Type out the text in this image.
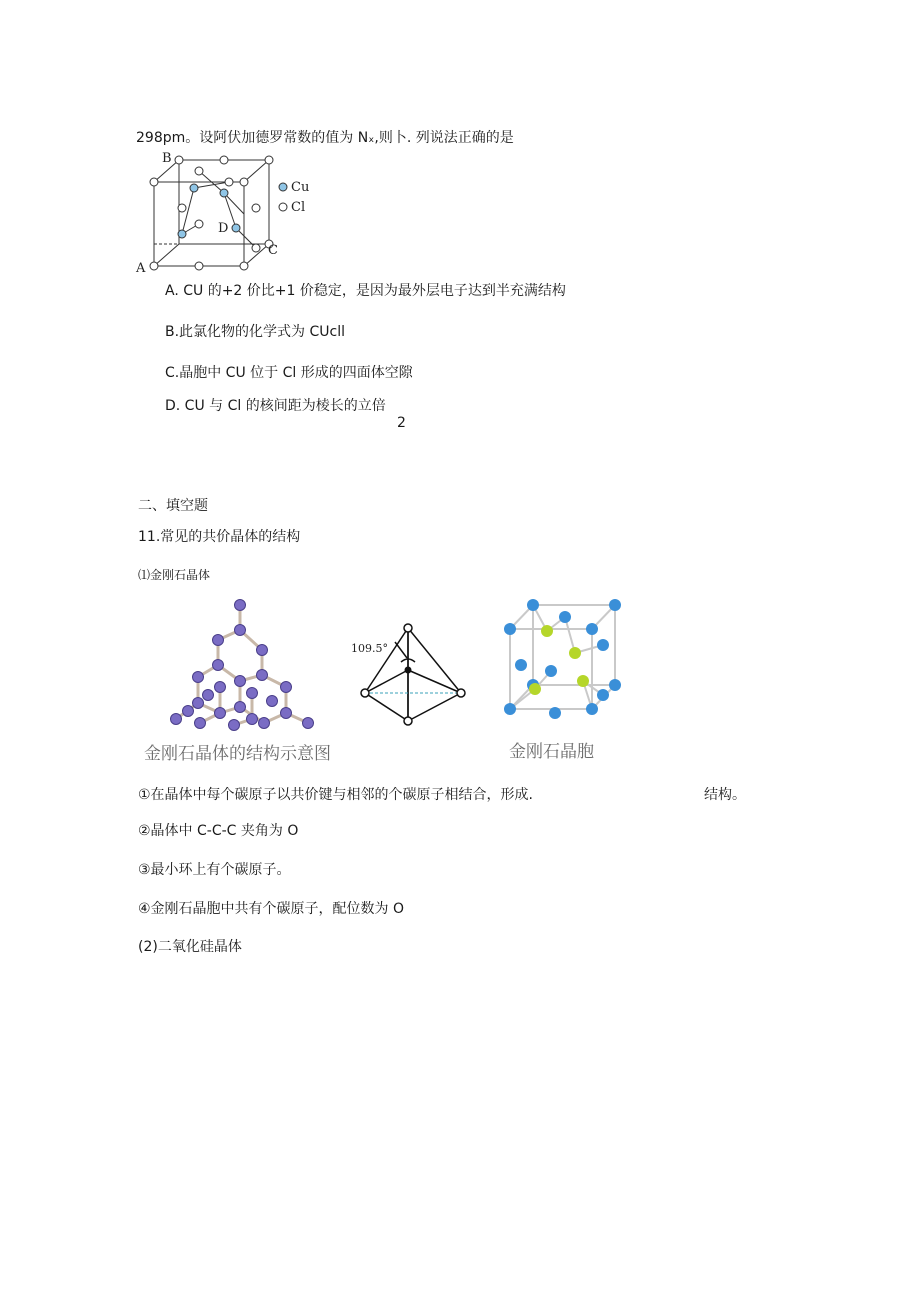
298pm。设阿伏加德罗常数的值为 Nₓ,则卜. 列说法正确的是
B
D
A
C
Cu
Cl
A. CU 的+2 价比+1 价稳定，是因为最外层电子达到半充满结构
B.此氯化物的化学式为 CUcll
C.晶胞中 CU 位于 Cl 形成的四面体空隙
D. CU 与 Cl 的核间距为棱长的立倍
2
二、填空题
11.常见的共价晶体的结构
⑴金刚石晶体
金刚石晶体的结构示意图
109.5°
金刚石晶胞
①在晶体中每个碳原子以共价键与相邻的个碳原子相结合，形成.	结构。
②晶体中 C-C-C 夹角为 O
③最小环上有个碳原子。
④金刚石晶胞中共有个碳原子，配位数为 O
(2)二氧化硅晶体
